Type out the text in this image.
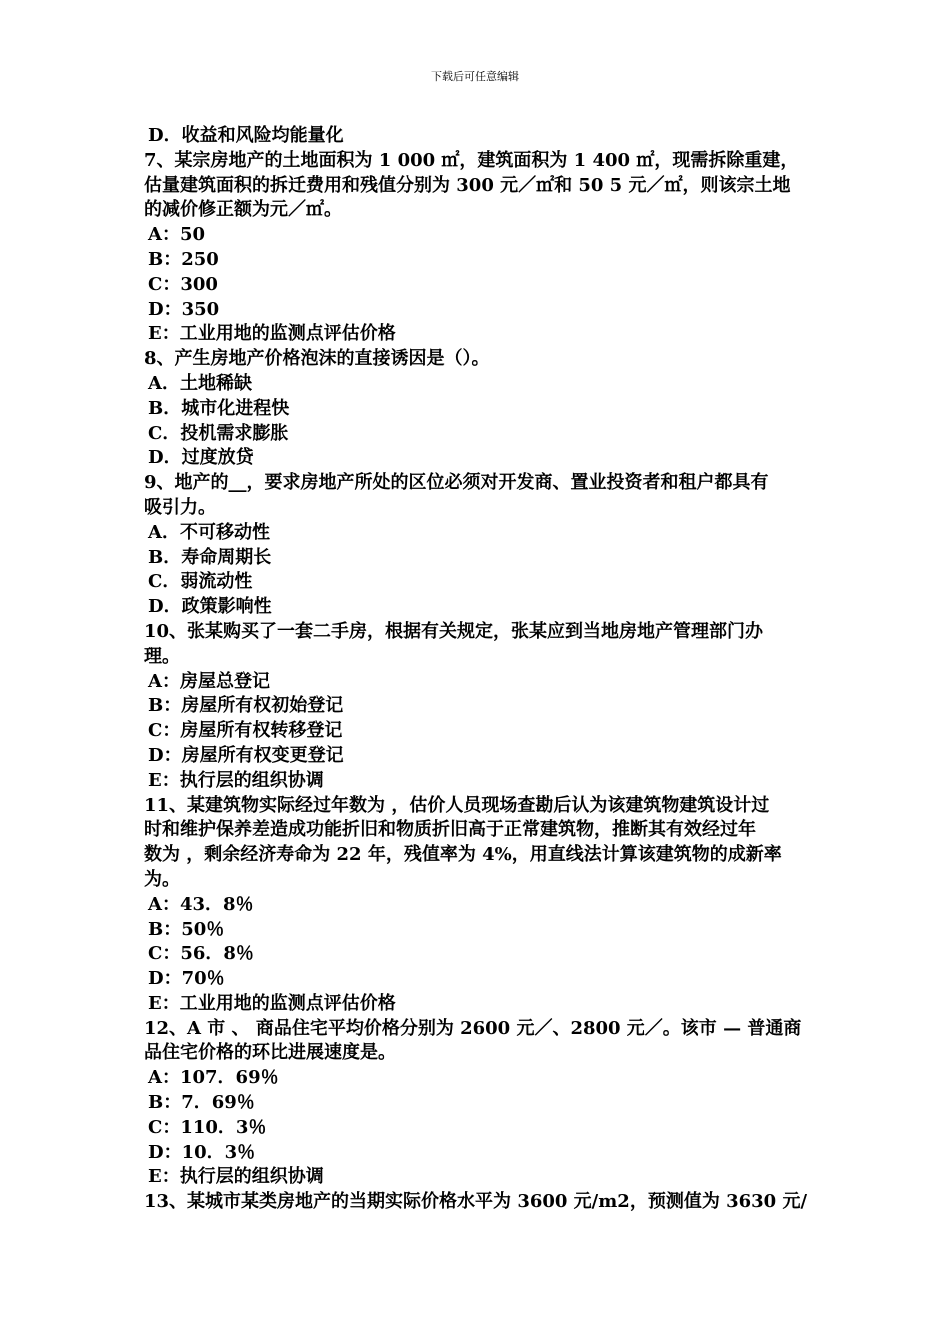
下载后可任意编辑
D．收益和风险均能量化
7、某宗房地产的土地面积为 1 000 ㎡，建筑面积为 1 400 ㎡，现需拆除重建，
估量建筑面积的拆迁费用和残值分别为 300 元／㎡和 50 5 元／㎡，则该宗土地
的减价修正额为元／㎡。
A：50
B：250
C：300
D：350
E：工业用地的监测点评估价格
8、产生房地产价格泡沫的直接诱因是（）。
A．土地稀缺
B．城市化进程快
C．投机需求膨胀
D．过度放贷
9、地产的__，要求房地产所处的区位必须对开发商、置业投资者和租户都具有
吸引力。
A．不可移动性
B．寿命周期长
C．弱流动性
D．政策影响性
10、张某购买了一套二手房，根据有关规定，张某应到当地房地产管理部门办
理。
A：房屋总登记
B：房屋所有权初始登记
C：房屋所有权转移登记
D：房屋所有权变更登记
E：执行层的组织协调
11、某建筑物实际经过年数为 ，估价人员现场查勘后认为该建筑物建筑设计过
时和维护保养差造成功能折旧和物质折旧高于正常建筑物，推断其有效经过年
数为 ，剩余经济寿命为 22 年，残值率为 4%，用直线法计算该建筑物的成新率
为。
A：43．8％
B：50％
C：56．8％
D：70％
E：工业用地的监测点评估价格
12、A 市 、 商品住宅平均价格分别为 2600 元／、2800 元／。该市 — 普通商
品住宅价格的环比进展速度是。
A：107．69％
B：7．69％
C：110．3％
D：10．3％
E：执行层的组织协调
13、某城市某类房地产的当期实际价格水平为 3600 元/m2，预测值为 3630 元/
